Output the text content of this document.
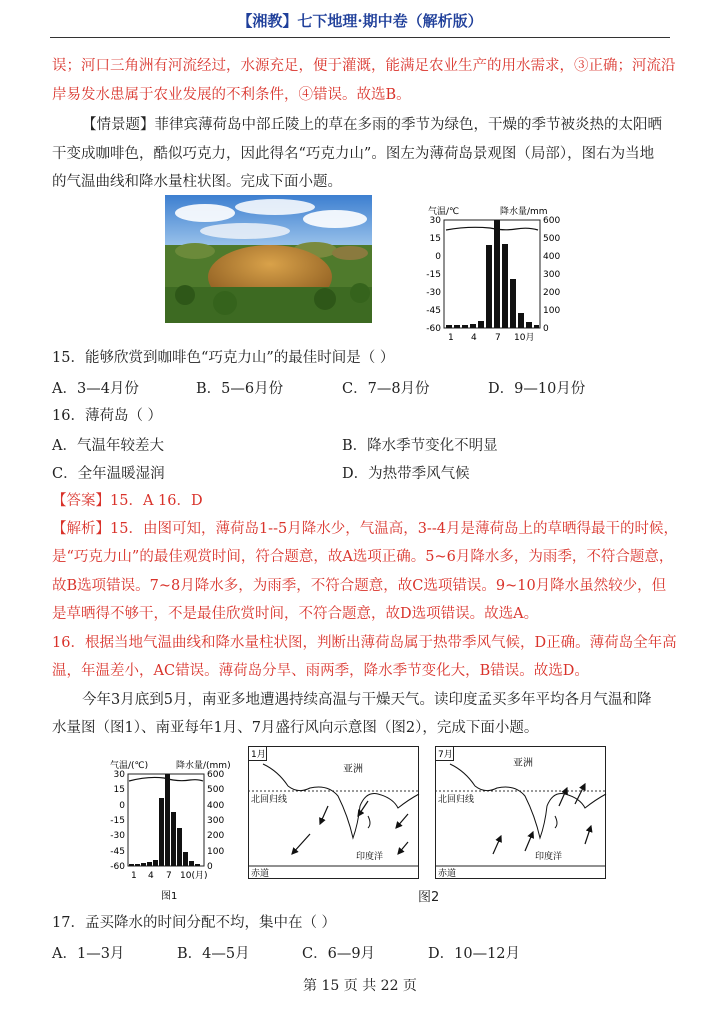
【湘教】七下地理·期中卷（解析版）
误；河口三角洲有河流经过，水源充足，便于灌溉，能满足农业生产的用水需求，③正确；河流沿
岸易发水患属于农业发展的不利条件，④错误。故选B。
【情景题】菲律宾薄荷岛中部丘陵上的草在多雨的季节为绿色，干燥的季节被炎热的太阳晒
干变成咖啡色，酷似巧克力，因此得名“巧克力山”。图左为薄荷岛景观图（局部），图右为当地
的气温曲线和降水量柱状图。完成下面小题。
气温/℃	降水量/mm
30
15
0
-15
-30
-45
-60
600
500
400
300
200
100
0
1 4 7 10月
15．能够欣赏到咖啡色“巧克力山”的最佳时间是（ ）
A．3—4月份	B．5—6月份	C．7—8月份	D．9—10月份
16．薄荷岛（ ）
A．气温年较差大	B．降水季节变化不明显
C．全年温暖湿润	D．为热带季风气候
【答案】15．A 16．D
【解析】15．由图可知，薄荷岛1--5月降水少，气温高，3--4月是薄荷岛上的草晒得最干的时候，
是“巧克力山”的最佳观赏时间，符合题意，故A选项正确。5~6月降水多，为雨季，不符合题意，
故B选项错误。7~8月降水多，为雨季，不符合题意，故C选项错误。9~10月降水虽然较少，但
是草晒得不够干，不是最佳欣赏时间，不符合题意，故D选项错误。故选A。
16．根据当地气温曲线和降水量柱状图，判断出薄荷岛属于热带季风气候，D正确。薄荷岛全年高
温，年温差小，AC错误。薄荷岛分旱、雨两季，降水季节变化大，B错误。故选D。
今年3月底到5月，南亚多地遭遇持续高温与干燥天气。读印度孟买多年平均各月气温和降
水量图（图1）、南亚每年1月、7月盛行风向示意图（图2），完成下面小题。
气温/(℃)	降水量/(mm)
30
15
0
-15
-30
-45
-60
600
500
400
300
200
100
0
1 4 7 10(月)
图1
1月
亚洲
北回归线
赤道
印度洋
7月
亚洲
北回归线
赤道
印度洋
图2
17．孟买降水的时间分配不均，集中在（ ）
A．1—3月	B．4—5月	C．6—9月	D．10—12月
第 15 页 共 22 页
